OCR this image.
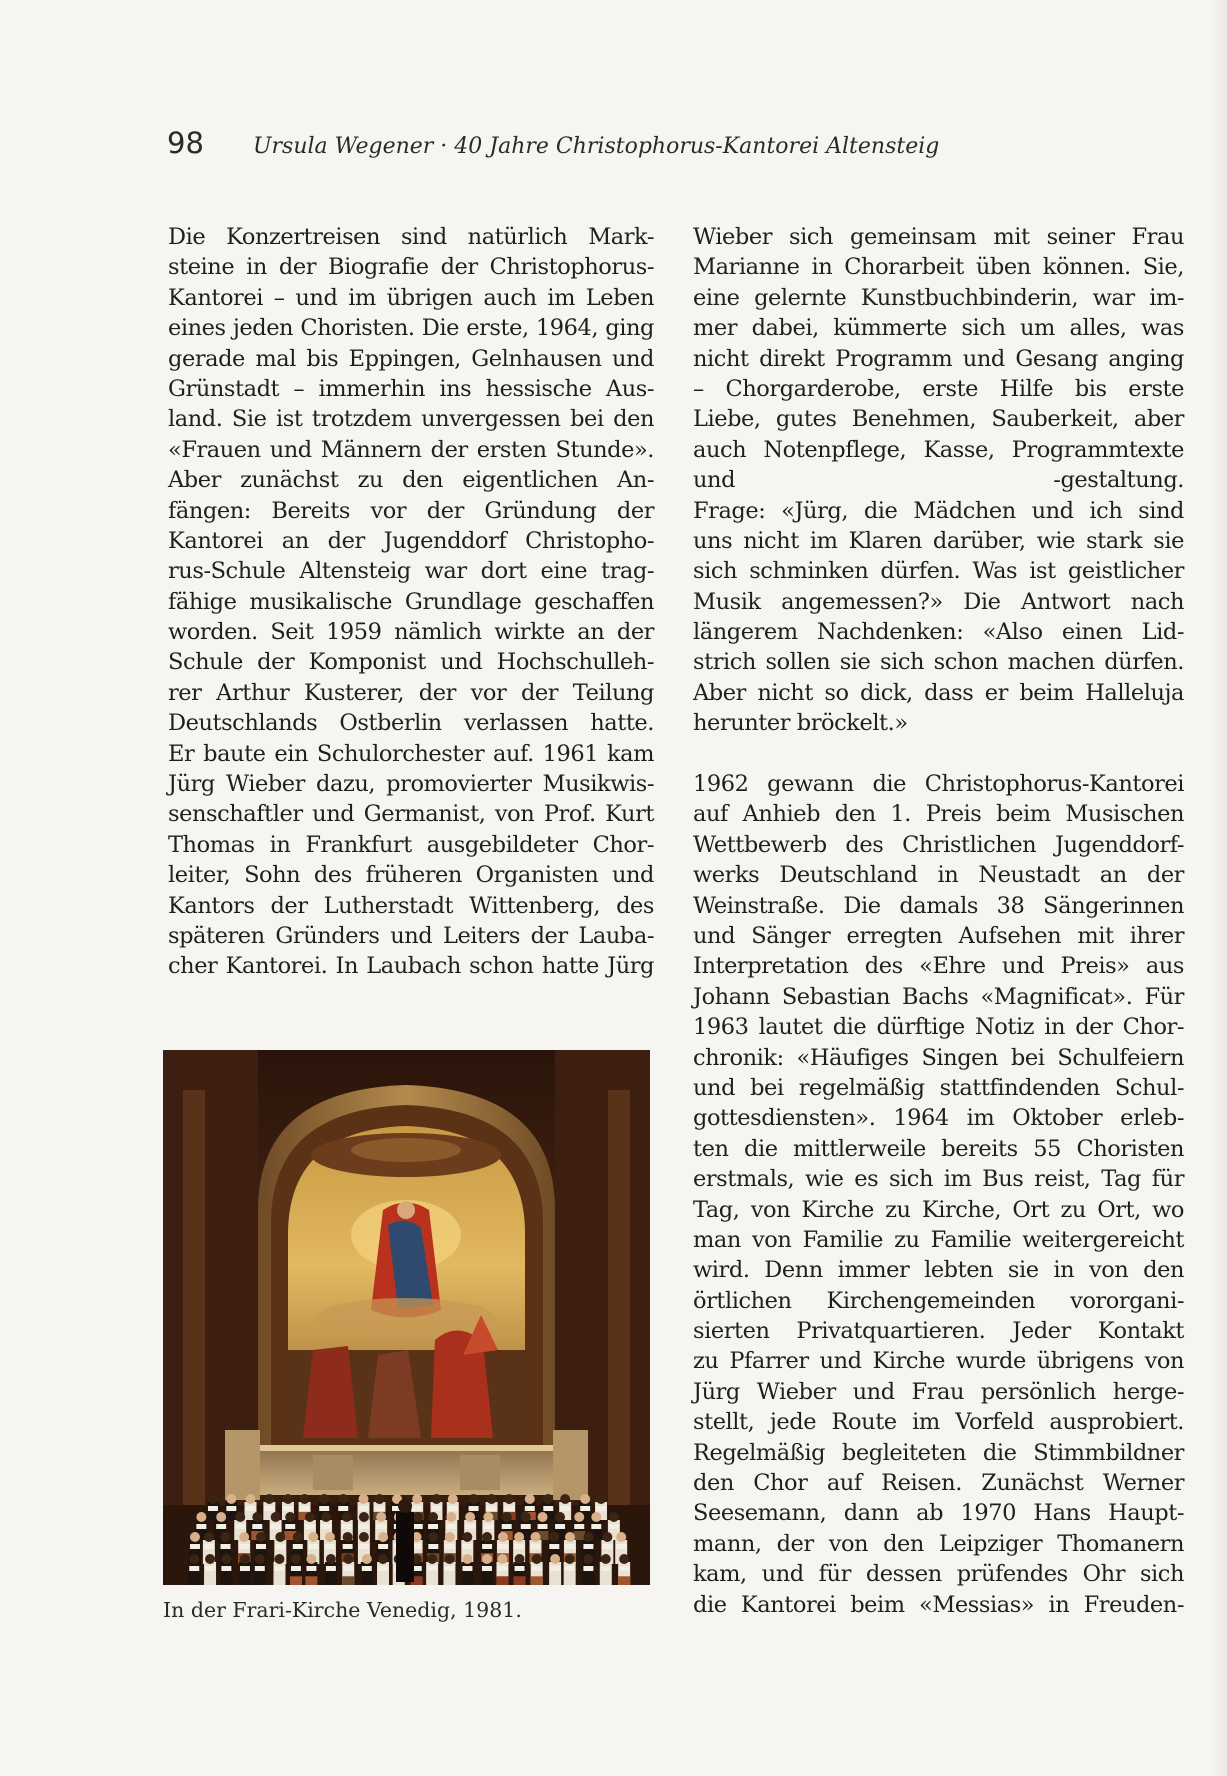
98 Ursula Wegener · 40 Jahre Christophorus-Kantorei Altensteig
Die Konzertreisen sind natürlich Mark-
steine in der Biografie der Christophorus-
Kantorei – und im übrigen auch im Leben
eines jeden Choristen. Die erste, 1964, ging
gerade mal bis Eppingen, Gelnhausen und
Grünstadt – immerhin ins hessische Aus-
land. Sie ist trotzdem unvergessen bei den
«Frauen und Männern der ersten Stunde».
Aber zunächst zu den eigentlichen An-
fängen: Bereits vor der Gründung der
Kantorei an der Jugenddorf Christopho-
rus-Schule Altensteig war dort eine trag-
fähige musikalische Grundlage geschaffen
worden. Seit 1959 nämlich wirkte an der
Schule der Komponist und Hochschulleh-
rer Arthur Kusterer, der vor der Teilung
Deutschlands Ostberlin verlassen hatte.
Er baute ein Schulorchester auf. 1961 kam
Jürg Wieber dazu, promovierter Musikwis-
senschaftler und Germanist, von Prof. Kurt
Thomas in Frankfurt ausgebildeter Chor-
leiter, Sohn des früheren Organisten und
Kantors der Lutherstadt Wittenberg, des
späteren Gründers und Leiters der Lauba-
cher Kantorei. In Laubach schon hatte Jürg
Wieber sich gemeinsam mit seiner Frau
Marianne in Chorarbeit üben können. Sie,
eine gelernte Kunstbuchbinderin, war im-
mer dabei, kümmerte sich um alles, was
nicht direkt Programm und Gesang anging
– Chorgarderobe, erste Hilfe bis erste
Liebe, gutes Benehmen, Sauberkeit, aber
auch Notenpflege, Kasse, Programmtexte
und -gestaltung.
Frage: «Jürg, die Mädchen und ich sind
uns nicht im Klaren darüber, wie stark sie
sich schminken dürfen. Was ist geistlicher
Musik angemessen?» Die Antwort nach
längerem Nachdenken: «Also einen Lid-
strich sollen sie sich schon machen dürfen.
Aber nicht so dick, dass er beim Halleluja
herunter bröckelt.»
1962 gewann die Christophorus-Kantorei
auf Anhieb den 1. Preis beim Musischen
Wettbewerb des Christlichen Jugenddorf-
werks Deutschland in Neustadt an der
Weinstraße. Die damals 38 Sängerinnen
und Sänger erregten Aufsehen mit ihrer
Interpretation des «Ehre und Preis» aus
Johann Sebastian Bachs «Magnificat». Für
1963 lautet die dürftige Notiz in der Chor-
chronik: «Häufiges Singen bei Schulfeiern
und bei regelmäßig stattfindenden Schul-
gottesdiensten». 1964 im Oktober erleb-
ten die mittlerweile bereits 55 Choristen
erstmals, wie es sich im Bus reist, Tag für
Tag, von Kirche zu Kirche, Ort zu Ort, wo
man von Familie zu Familie weitergereicht
wird. Denn immer lebten sie in von den
örtlichen Kirchengemeinden vororgani-
sierten Privatquartieren. Jeder Kontakt
zu Pfarrer und Kirche wurde übrigens von
Jürg Wieber und Frau persönlich herge-
stellt, jede Route im Vorfeld ausprobiert.
Regelmäßig begleiteten die Stimmbildner
den Chor auf Reisen. Zunächst Werner
Seesemann, dann ab 1970 Hans Haupt-
mann, der von den Leipziger Thomanern
kam, und für dessen prüfendes Ohr sich
die Kantorei beim «Messias» in Freuden-
In der Frari-Kirche Venedig, 1981.
